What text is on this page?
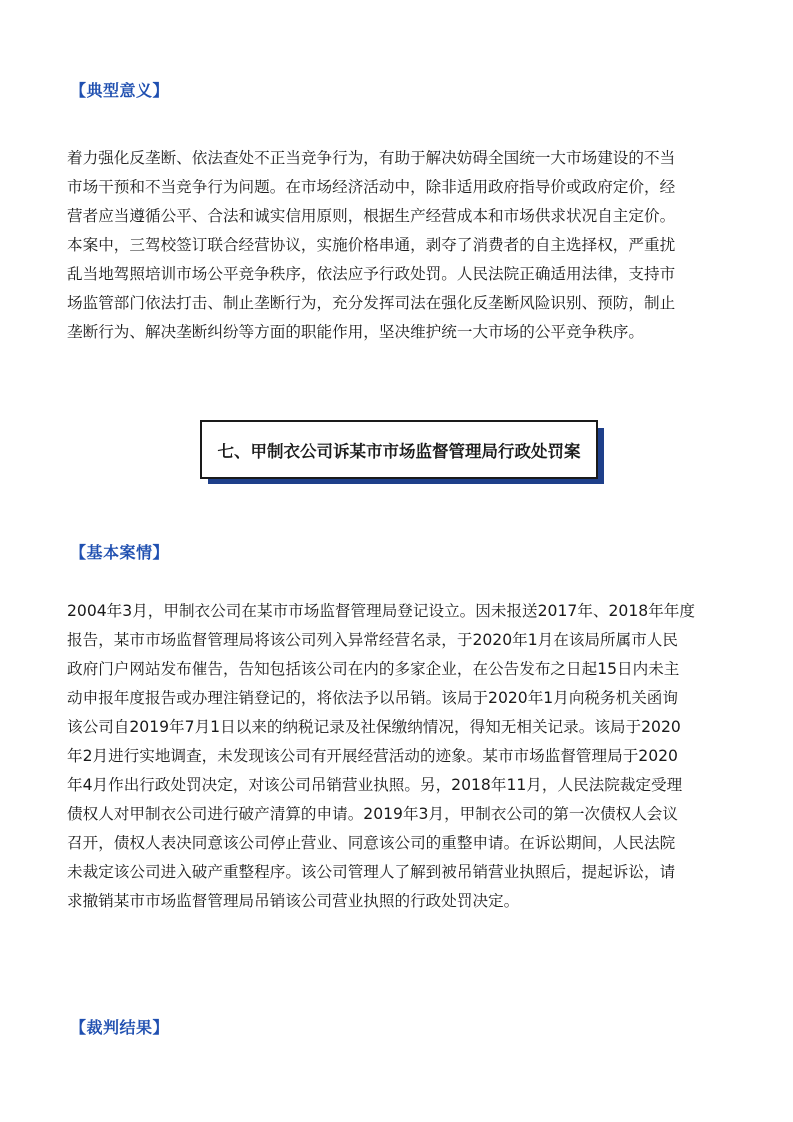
【典型意义】
着力强化反垄断、依法查处不正当竞争行为，有助于解决妨碍全国统一大市场建设的不当
市场干预和不当竞争行为问题。在市场经济活动中，除非适用政府指导价或政府定价，经
营者应当遵循公平、合法和诚实信用原则，根据生产经营成本和市场供求状况自主定价。
本案中，三驾校签订联合经营协议，实施价格串通，剥夺了消费者的自主选择权，严重扰
乱当地驾照培训市场公平竞争秩序，依法应予行政处罚。人民法院正确适用法律，支持市
场监管部门依法打击、制止垄断行为，充分发挥司法在强化反垄断风险识别、预防，制止
垄断行为、解决垄断纠纷等方面的职能作用，坚决维护统一大市场的公平竞争秩序。
七、甲制衣公司诉某市市场监督管理局行政处罚案
【基本案情】
2004年3月，甲制衣公司在某市市场监督管理局登记设立。因未报送2017年、2018年年度
报告，某市市场监督管理局将该公司列入异常经营名录，于2020年1月在该局所属市人民
政府门户网站发布催告，告知包括该公司在内的多家企业，在公告发布之日起15日内未主
动申报年度报告或办理注销登记的，将依法予以吊销。该局于2020年1月向税务机关函询
该公司自2019年7月1日以来的纳税记录及社保缴纳情况，得知无相关记录。该局于2020
年2月进行实地调查，未发现该公司有开展经营活动的迹象。某市市场监督管理局于2020
年4月作出行政处罚决定，对该公司吊销营业执照。另，2018年11月，人民法院裁定受理
债权人对甲制衣公司进行破产清算的申请。2019年3月，甲制衣公司的第一次债权人会议
召开，债权人表决同意该公司停止营业、同意该公司的重整申请。在诉讼期间，人民法院
未裁定该公司进入破产重整程序。该公司管理人了解到被吊销营业执照后，提起诉讼，请
求撤销某市市场监督管理局吊销该公司营业执照的行政处罚决定。
【裁判结果】
